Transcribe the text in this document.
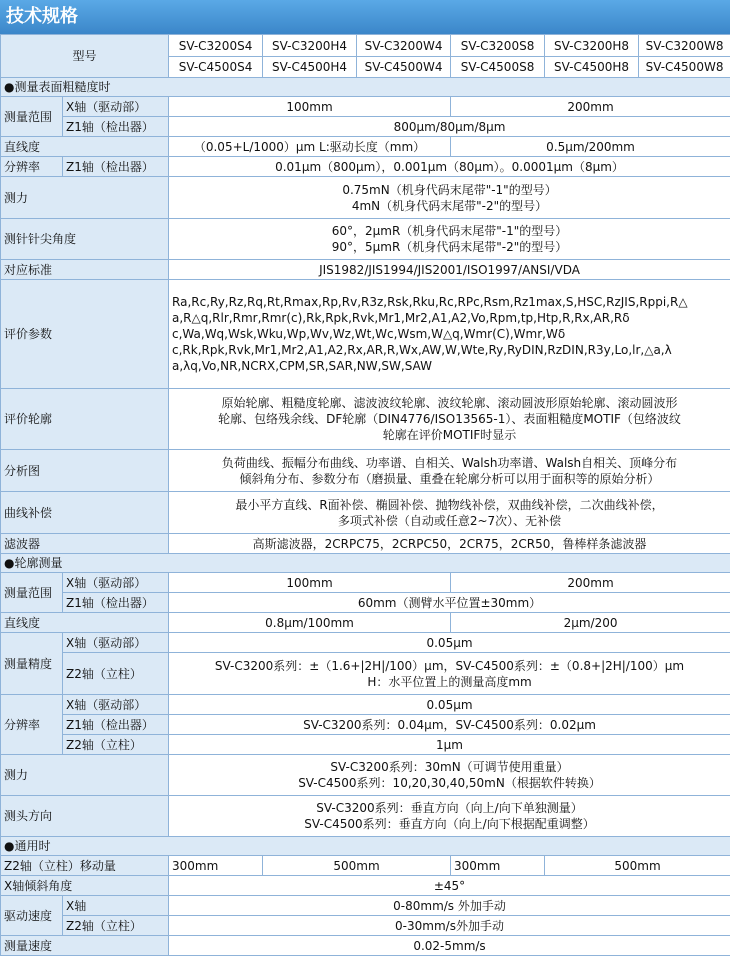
技术规格
型号		SV-C3200S4	SV-C3200H4	SV-C3200W4	SV-C3200S8	SV-C3200H8	SV-C3200W8
		SV-C4500S4	SV-C4500H4	SV-C4500W4	SV-C4500S8	SV-C4500H8	SV-C4500W8
●测量表面粗糙度时							
测量范围	X轴（驱动部）	100mm			200mm		
	Z1轴（检出器）	800μm/80μm/8μm					
直线度		（0.05+L/1000）μm L:驱动长度（mm）			0.5μm/200mm		
分辨率	Z1轴（检出器）	0.01μm（800μm），0.001μm（80μm）。0.0001μm（8μm）					
测力		0.75mN（机身代码末尾带"-1"的型号）
4mN（机身代码末尾带"-2"的型号）					

测针针尖角度		60°，2μmR（机身代码末尾带"-1"的型号）
90°，5μmR（机身代码末尾带"-2"的型号）					

对应标准		JIS1982/JIS1994/JIS2001/ISO1997/ANSI/VDA					
评价参数		Ra,Rc,Ry,Rz,Rq,Rt,Rmax,Rp,Rv,R3z,Rsk,Rku,Rc,RPc,Rsm,Rz1max,S,HSC,RzJIS,Rppi,R△
a,R△q,Rlr,Rmr,Rmr(c),Rk,Rpk,Rvk,Mr1,Mr2,A1,A2,Vo,Rpm,tp,Htp,R,Rx,AR,Rδ
c,Wa,Wq,Wsk,Wku,Wp,Wv,Wz,Wt,Wc,Wsm,W△q,Wmr(C),Wmr,Wδ
c,Rk,Rpk,Rvk,Mr1,Mr2,A1,A2,Rx,AR,R,Wx,AW,W,Wte,Ry,RyDIN,RzDIN,R3y,Lo,lr,△a,λ
a,λq,Vo,NR,NCRX,CPM,SR,SAR,NW,SW,SAW					

评价轮廓		原始轮廓、粗糙度轮廓、滤波波纹轮廓、波纹轮廓、滚动圆波形原始轮廓、滚动圆波形
轮廓、包络残余线、DF轮廓（DIN4776/ISO13565-1）、表面粗糙度MOTIF（包络波纹
轮廓在评价MOTIF时显示					

分析图		负荷曲线、振幅分布曲线、功率谱、自相关、Walsh功率谱、Walsh自相关、顶峰分布
倾斜角分布、参数分布（磨损量、重叠在轮廓分析可以用于面积等的原始分析）					

曲线补偿		最小平方直线、R面补偿、椭圆补偿、抛物线补偿，双曲线补偿，二次曲线补偿，
多项式补偿（自动或任意2~7次）、无补偿					

滤波器		高斯滤波器，2CRPC75，2CRPC50，2CR75，2CR50，鲁棒样条滤波器					
●轮廓测量							
测量范围	X轴（驱动部）	100mm			200mm		
	Z1轴（检出器）	60mm（测臂水平位置±30mm）					
直线度		0.8μm/100mm			2μm/200		
测量精度	X轴（驱动部）	0.05μm					
	Z2轴（立柱）	SV-C3200系列：±（1.6+|2H|/100）μm，SV-C4500系列：±（0.8+|2H|/100）μm
H：水平位置上的测量高度mm					

分辨率	X轴（驱动部）	0.05μm					
	Z1轴（检出器）	SV-C3200系列：0.04μm，SV-C4500系列：0.02μm					
	Z2轴（立柱）	1μm					
测力		SV-C3200系列：30mN（可调节使用重量）
SV-C4500系列：10,20,30,40,50mN（根据软件转换）					

测头方向		SV-C3200系列：垂直方向（向上/向下单独测量）
SV-C4500系列：垂直方向（向上/向下根据配重调整）					

●通用时							
Z2轴（立柱）移动量		300mm	500mm		300mm	500mm	
X轴倾斜角度		±45°					
驱动速度	X轴	0-80mm/s 外加手动					
	Z2轴（立柱）	0-30mm/s外加手动					
测量速度		0.02-5mm/s					
